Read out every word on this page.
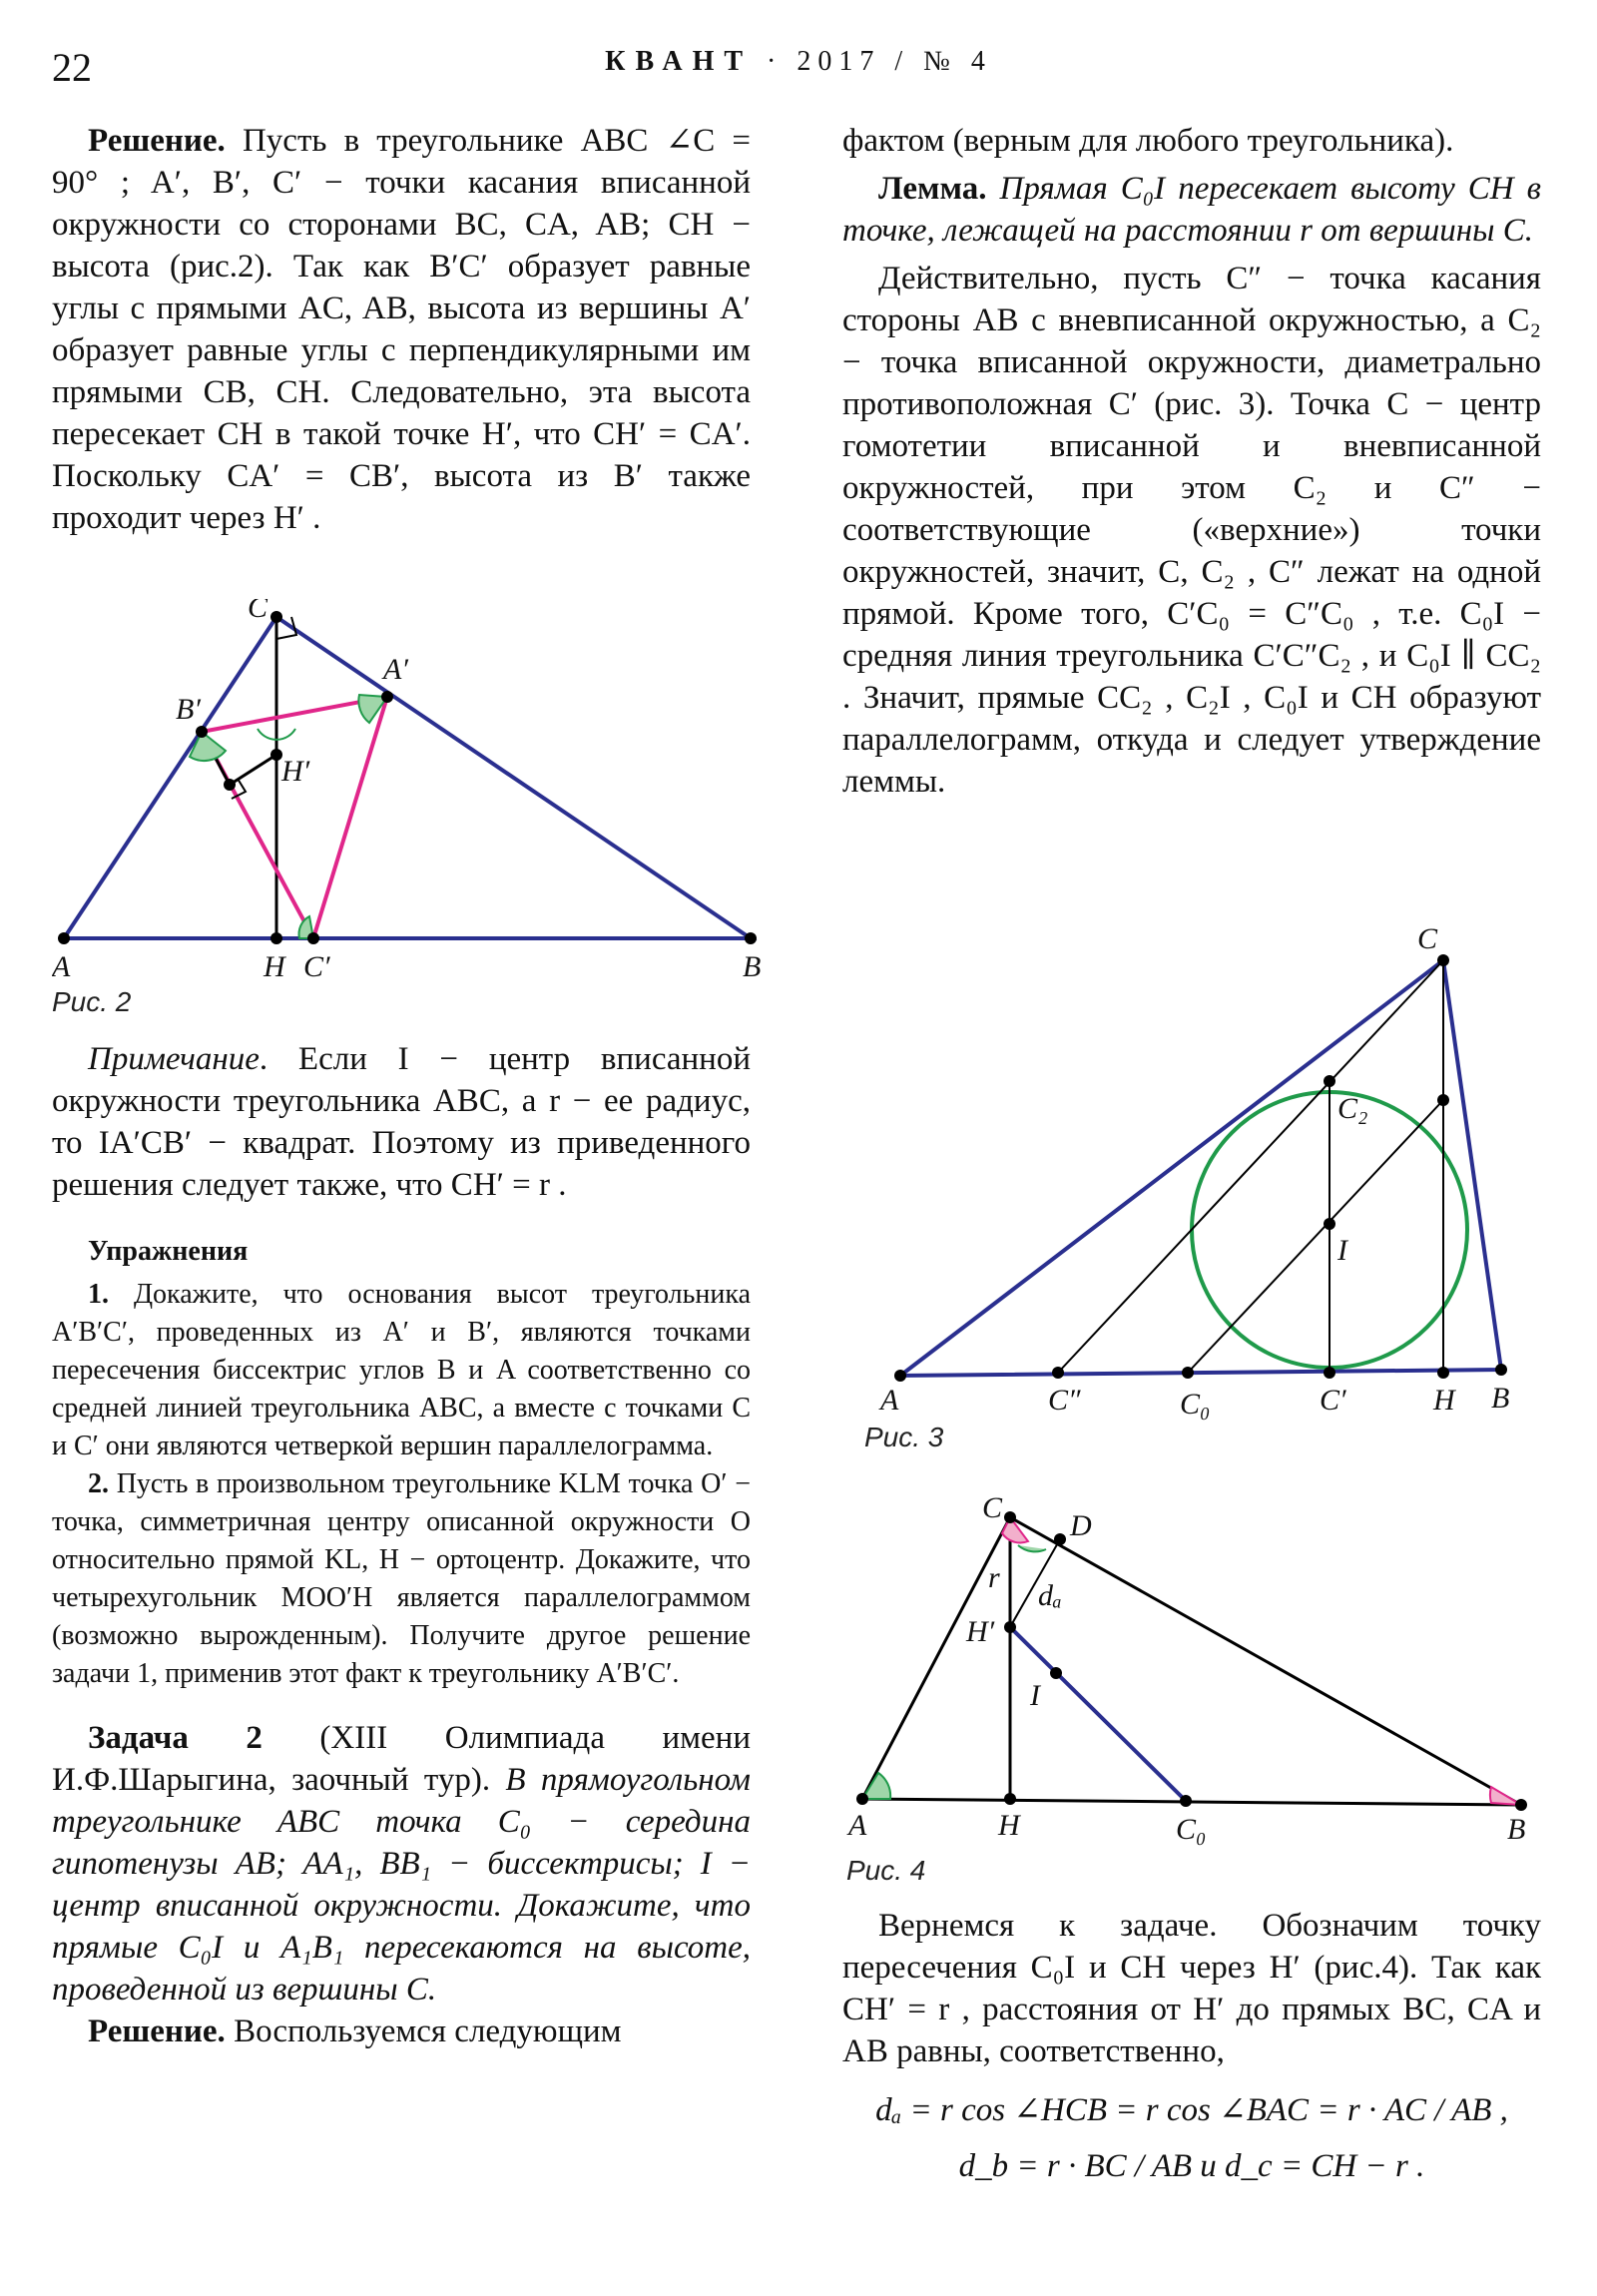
22	КВАНТ · 2017 / № 4

Решение. Пусть в треугольнике ABC ∠C = 90° ; A′, B′, C′ − точки касания вписанной окружности со сторонами BC, CA, AB; CH − высота (рис.2). Так как B′C′ образует равные углы с прямыми AC, AB, высота из вершины A′ образует равные углы с перпендикулярными им прямыми CB, CH. Следовательно, эта высота пересекает CH в такой точке H′, что CH′ = CA′. Поскольку CA′ = CB′, высота из B′ также проходит через H′ .

C
A′
B′
H′
A	H C′	B
Рис. 2

Примечание. Если I − центр вписанной окружности треугольника ABC, а r − ее радиус, то IA′CB′ − квадрат. Поэтому из приведенного решения следует также, что CH′ = r .

Упражнения

1. Докажите, что основания высот треугольника A′B′C′, проведенных из A′ и B′, являются точками пересечения биссектрис углов B и A соответственно со средней линией треугольника ABC, а вместе с точками C и C′ они являются четверкой вершин параллелограмма.

2. Пусть в произвольном треугольнике KLM точка O′ − точка, симметричная центру описанной окружности O относительно прямой KL, H − ортоцентр. Докажите, что четырехугольник MOO′H является параллелограммом (возможно вырожденным). Получите другое решение задачи 1, применив этот факт к треугольнику A′B′C′.

Задача 2 (XIII Олимпиада имени И.Ф.Шарыгина, заочный тур). В прямоугольном треугольнике ABC точка C₀ − середина гипотенузы AB; AA₁, BB₁ − биссектрисы; I − центр вписанной окружности. Докажите, что прямые C₀I и A₁B₁ пересекаются на высоте, проведенной из вершины C.

Решение. Воспользуемся следующим

фактом (верным для любого треугольника).

Лемма. Прямая C₀I пересекает высоту CH в точке, лежащей на расстоянии r от вершины C.

Действительно, пусть C″ − точка касания стороны AB с вневписанной окружностью, а C₂ − точка вписанной окружности, диаметрально противоположная C′ (рис. 3). Точка C − центр гомотетии вписанной и вневписанной окружностей, при этом C₂ и C″ − соответствующие («верхние») точки окружностей, значит, C, C₂ , C″ лежат на одной прямой. Кроме того, C′C₀ = C″C₀ , т.е. C₀I − средняя линия треугольника C′C″C₂ , и C₀I ∥ CC₂ . Значит, прямые CC₂ , C₂I , C₀I и CH образуют параллелограмм, откуда и следует утверждение леммы.

C
C₂
I
A	C″	C₀	C′	H B
Рис. 3
C
D
r
dₐ
H′
I
A	H	C₀	B
Рис. 4

Вернемся к задаче. Обозначим точку пересечения C₀I и CH через H′ (рис.4). Так как CH′ = r , расстояния от H′ до прямых BC, CA и AB равны, соответственно,

dₐ = r cos ∠HCB = r cos ∠BAC = r · AC / AB ,
d_b = r · BC / AB и d_c = CH − r .
